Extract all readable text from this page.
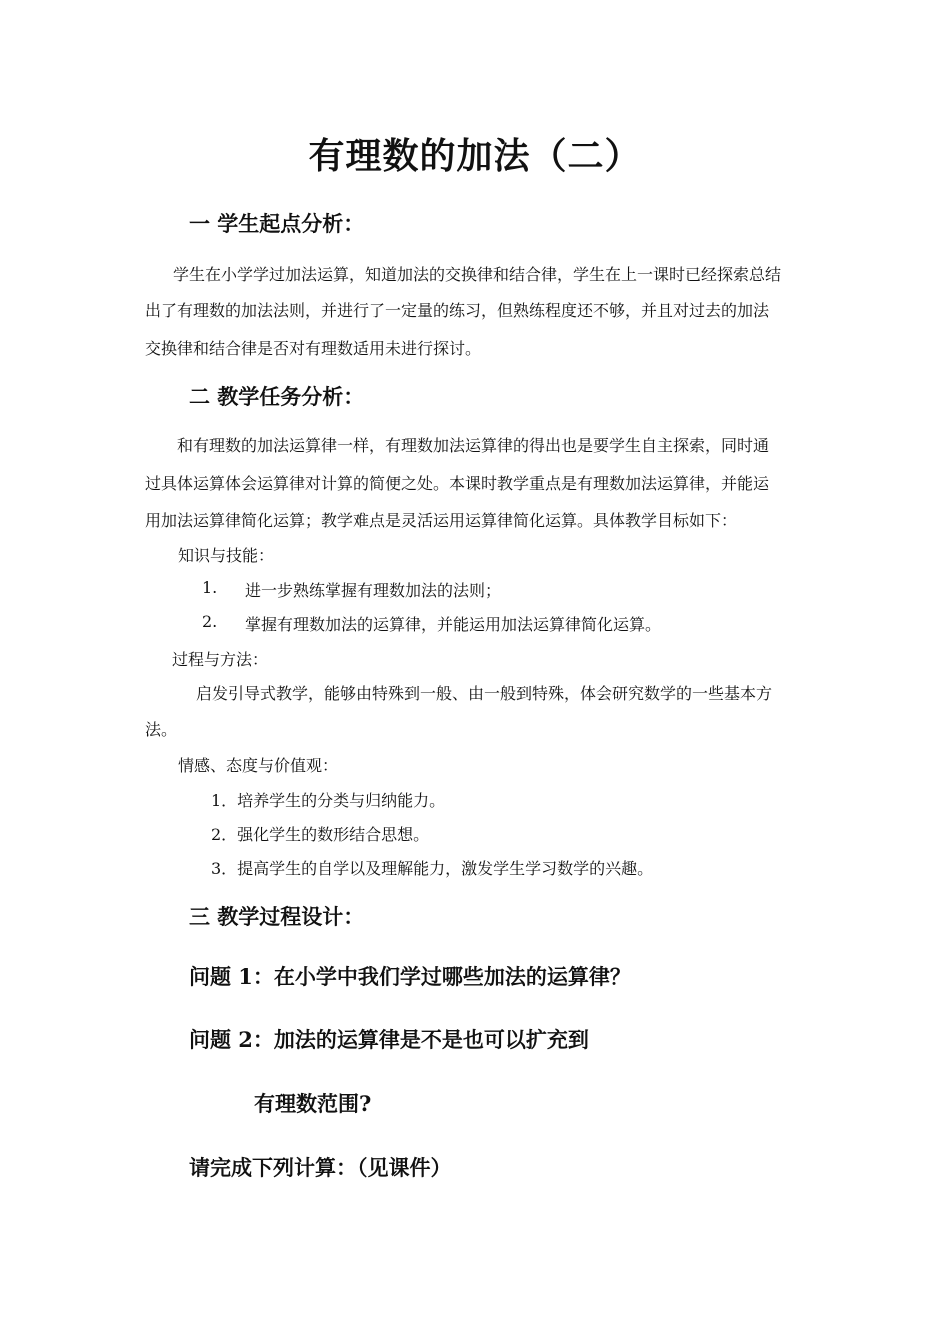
有理数的加法（二）
一 学生起点分析：
学生在小学学过加法运算，知道加法的交换律和结合律，学生在上一课时已经探索总结
出了有理数的加法法则，并进行了一定量的练习，但熟练程度还不够，并且对过去的加法
交换律和结合律是否对有理数适用未进行探讨。
二 教学任务分析：
和有理数的加法运算律一样，有理数加法运算律的得出也是要学生自主探索，同时通
过具体运算体会运算律对计算的简便之处。本课时教学重点是有理数加法运算律，并能运
用加法运算律简化运算；教学难点是灵活运用运算律简化运算。具体教学目标如下：
知识与技能：
1. 进一步熟练掌握有理数加法的法则；
2. 掌握有理数加法的运算律，并能运用加法运算律简化运算。
过程与方法：
启发引导式教学，能够由特殊到一般、由一般到特殊，体会研究数学的一些基本方
法。
情感、态度与价值观：
1．培养学生的分类与归纳能力。
2．强化学生的数形结合思想。
3．提高学生的自学以及理解能力，激发学生学习数学的兴趣。
三 教学过程设计：
问题 1：在小学中我们学过哪些加法的运算律？
问题 2：加法的运算律是不是也可以扩充到
有理数范围?
请完成下列计算：（见课件）
